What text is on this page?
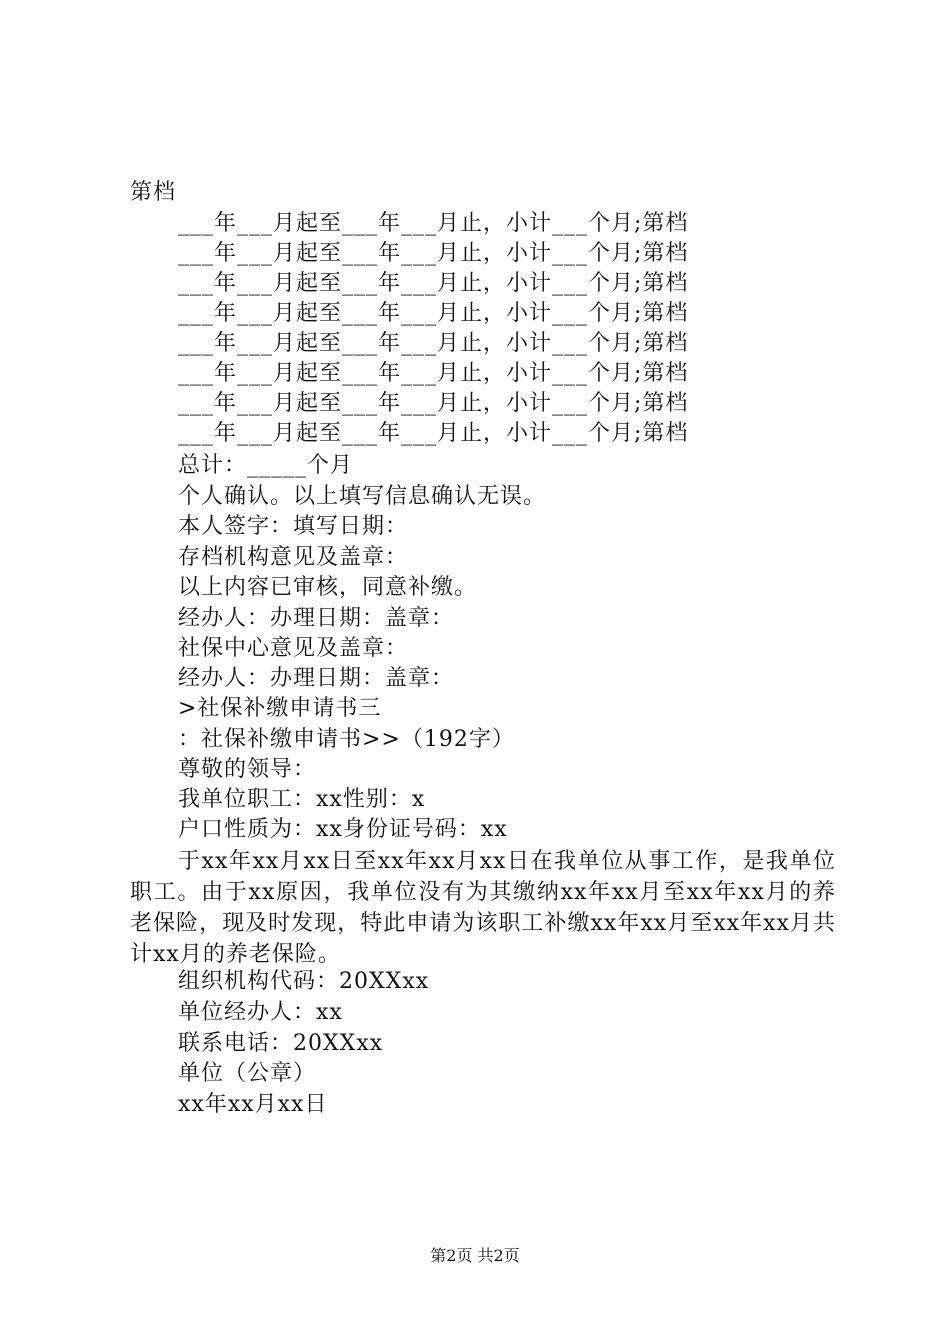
第档
___年___月起至___年___月止，小计___个月;第档
___年___月起至___年___月止，小计___个月;第档
___年___月起至___年___月止，小计___个月;第档
___年___月起至___年___月止，小计___个月;第档
___年___月起至___年___月止，小计___个月;第档
___年___月起至___年___月止，小计___个月;第档
___年___月起至___年___月止，小计___个月;第档
___年___月起至___年___月止，小计___个月;第档
总计：_____个月
个人确认。以上填写信息确认无误。
本人签字：填写日期：
存档机构意见及盖章：
以上内容已审核，同意补缴。
经办人：办理日期：盖章：
社保中心意见及盖章：
经办人：办理日期：盖章：
>社保补缴申请书三
：社保补缴申请书>>（192字）
尊敬的领导：
我单位职工：xx性别：x
户口性质为：xx身份证号码：xx
于xx年xx月xx日至xx年xx月xx日在我单位从事工作，是我单位职工。由于xx原因，我单位没有为其缴纳xx年xx月至xx年xx月的养老保险，现及时发现，特此申请为该职工补缴xx年xx月至xx年xx月共计xx月的养老保险。
组织机构代码：20XXxx
单位经办人：xx
联系电话：20XXxx
单位（公章）
xx年xx月xx日
第2页 共2页
